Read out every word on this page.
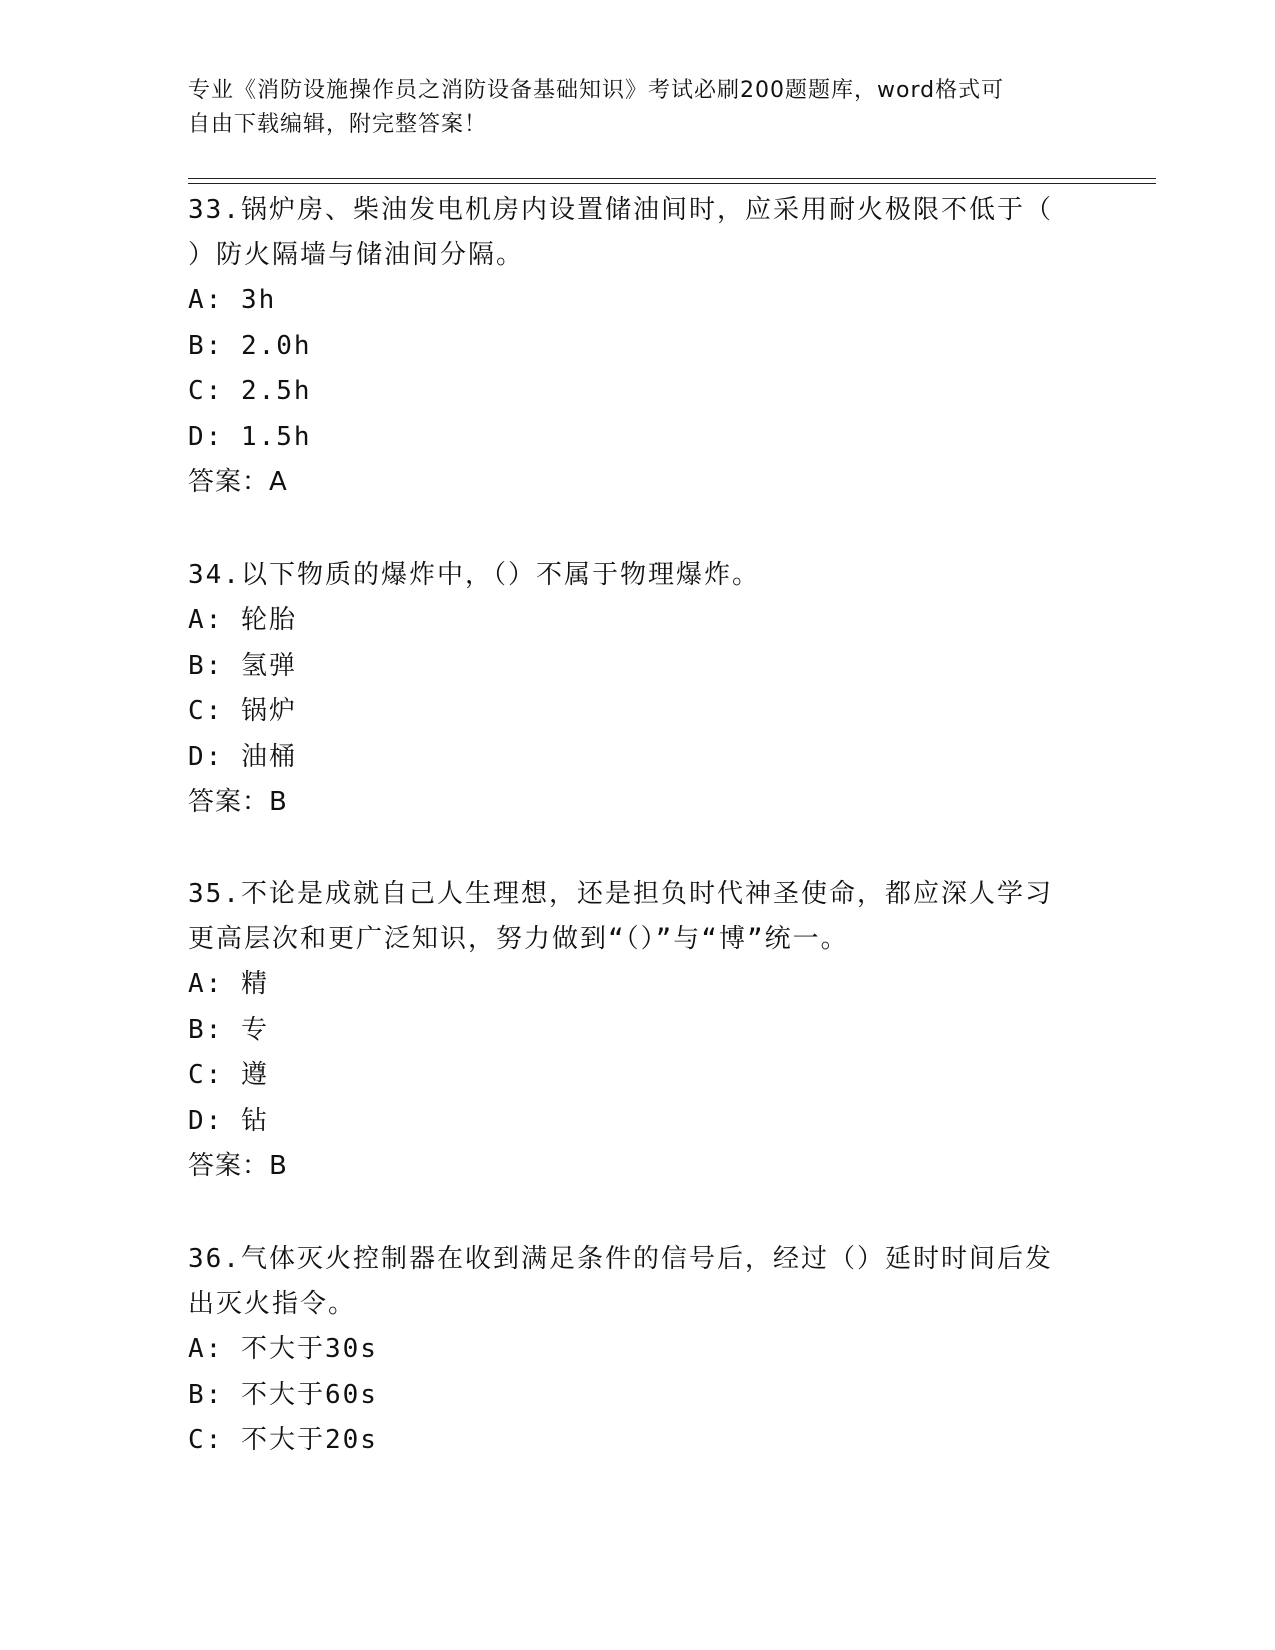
专业《消防设施操作员之消防设备基础知识》考试必刷200题题库，word格式可
自由下载编辑，附完整答案！
33.锅炉房、柴油发电机房内设置储油间时，应采用耐火极限不低于（
）防火隔墙与储油间分隔。
A: 3h
B: 2.0h
C: 2.5h
D: 1.5h
答案：A
34.以下物质的爆炸中，（）不属于物理爆炸。
A: 轮胎
B: 氢弹
C: 锅炉
D: 油桶
答案：B
35.不论是成就自己人生理想，还是担负时代神圣使命，都应深人学习
更高层次和更广泛知识，努力做到“（）”与“博”统一。
A: 精
B: 专
C: 遵
D: 钻
答案：B
36.气体灭火控制器在收到满足条件的信号后，经过（）延时时间后发
出灭火指令。
A: 不大于30s
B: 不大于60s
C: 不大于20s
